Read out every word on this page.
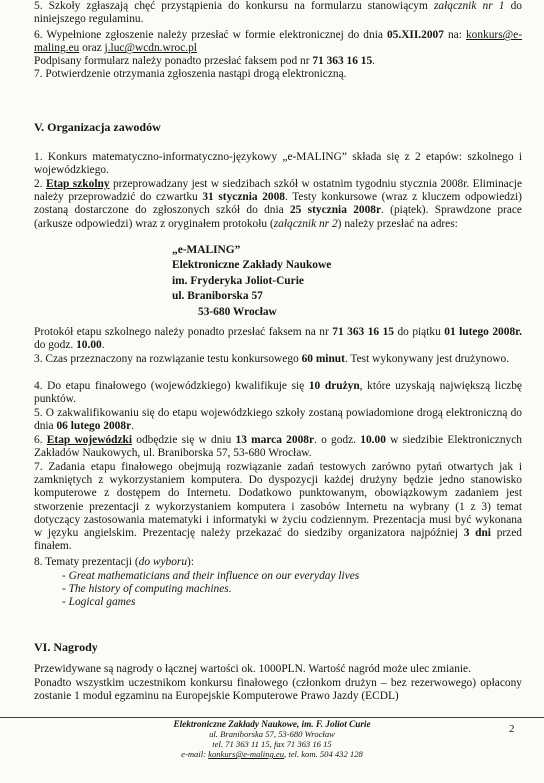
5. Szkoły zgłaszają chęć przystąpienia do konkursu na formularzu stanowiącym załącznik nr 1 do niniejszego regulaminu.

6. Wypełnione zgłoszenie należy przesłać w formie elektronicznej do dnia 05.XII.2007 na: konkurs@e-maling.eu oraz j.luc@wcdn.wroc.pl

Podpisany formularz należy ponadto przesłać faksem pod nr 71 363 16 15.

7. Potwierdzenie otrzymania zgłoszenia nastąpi drogą elektroniczną.

V. Organizacja zawodów

1. Konkurs matematyczno-informatyczno-językowy „e-MALING” składa się z 2 etapów: szkolnego i wojewódzkiego.

2. Etap szkolny przeprowadzany jest w siedzibach szkół w ostatnim tygodniu stycznia 2008r. Eliminacje należy przeprowadzić do czwartku 31 stycznia 2008. Testy konkursowe (wraz z kluczem odpowiedzi) zostaną dostarczone do zgłoszonych szkół do dnia 25 stycznia 2008r. (piątek). Sprawdzone prace (arkusze odpowiedzi) wraz z oryginałem protokołu (załącznik nr 2) należy przesłać na adres:

„e-MALING”
Elektroniczne Zakłady Naukowe
im. Fryderyka Joliot-Curie
ul. Braniborska 57
53-680 Wrocław

Protokół etapu szkolnego należy ponadto przesłać faksem na nr 71 363 16 15 do piątku 01 lutego 2008r. do godz. 10.00.

3. Czas przeznaczony na rozwiązanie testu konkursowego 60 minut. Test wykonywany jest drużynowo.

4. Do etapu finałowego (wojewódzkiego) kwalifikuje się 10 drużyn, które uzyskają największą liczbę punktów.

5. O zakwalifikowaniu się do etapu wojewódzkiego szkoły zostaną powiadomione drogą elektroniczną do dnia 06 lutego 2008r.

6. Etap wojewódzki odbędzie się w dniu 13 marca 2008r. o godz. 10.00 w siedzibie Elektronicznych Zakładów Naukowych, ul. Braniborska 57, 53-680 Wrocław.

7. Zadania etapu finałowego obejmują rozwiązanie zadań testowych zarówno pytań otwartych jak i zamkniętych z wykorzystaniem komputera. Do dyspozycji każdej drużyny będzie jedno stanowisko komputerowe z dostępem do Internetu. Dodatkowo punktowanym, obowiązkowym zadaniem jest stworzenie prezentacji z wykorzystaniem komputera i zasobów Internetu na wybrany (1 z 3) temat dotyczący zastosowania matematyki i informatyki w życiu codziennym. Prezentacja musi być wykonana w języku angielskim. Prezentację należy przekazać do siedziby organizatora najpóźniej 3 dni przed finałem.

8. Tematy prezentacji (do wyboru):

- Great mathematicians and their influence on our everyday lives
- The history of computing machines.
- Logical games

VI. Nagrody

Przewidywane są nagrody o łącznej wartości ok. 1000PLN. Wartość nagród może ulec zmianie.

Ponadto wszystkim uczestnikom konkursu finałowego (członkom drużyn – bez rezerwowego) opłacony zostanie 1 moduł egzaminu na Europejskie Komputerowe Prawo Jazdy (ECDL)

Elektroniczne Zakłady Naukowe, im. F. Joliot Curie
ul. Braniborska 57, 53-680 Wrocław
tel. 71 363 11 15, fax 71 363 16 15
e-mail: konkurs@e-maling.eu, tel. kom. 504 432 128
2
